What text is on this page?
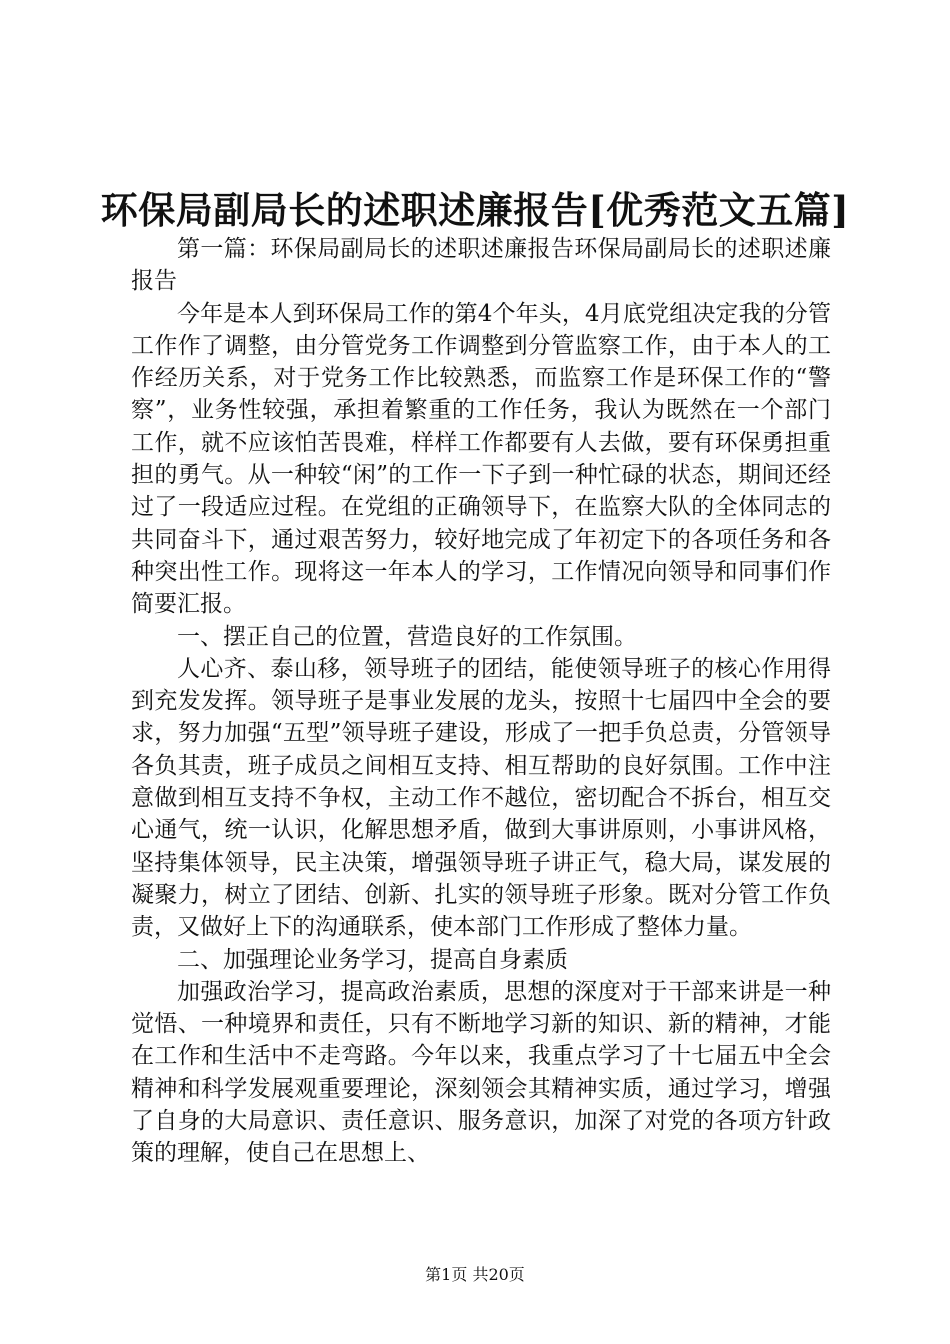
环保局副局长的述职述廉报告[优秀范文五篇]

第一篇：环保局副局长的述职述廉报告环保局副局长的述职述廉报告

今年是本人到环保局工作的第4个年头，4月底党组决定我的分管工作作了调整，由分管党务工作调整到分管监察工作，由于本人的工作经历关系，对于党务工作比较熟悉，而监察工作是环保工作的“警察”，业务性较强，承担着繁重的工作任务，我认为既然在一个部门工作，就不应该怕苦畏难，样样工作都要有人去做，要有环保勇担重担的勇气。从一种较“闲”的工作一下子到一种忙碌的状态，期间还经过了一段适应过程。在党组的正确领导下，在监察大队的全体同志的共同奋斗下，通过艰苦努力，较好地完成了年初定下的各项任务和各种突出性工作。现将这一年本人的学习，工作情况向领导和同事们作简要汇报。

一、摆正自己的位置，营造良好的工作氛围。

人心齐、泰山移，领导班子的团结，能使领导班子的核心作用得到充发发挥。领导班子是事业发展的龙头，按照十七届四中全会的要求，努力加强“五型”领导班子建设，形成了一把手负总责，分管领导各负其责，班子成员之间相互支持、相互帮助的良好氛围。工作中注意做到相互支持不争权，主动工作不越位，密切配合不拆台，相互交心通气，统一认识，化解思想矛盾，做到大事讲原则，小事讲风格，坚持集体领导，民主决策，增强领导班子讲正气，稳大局，谋发展的凝聚力，树立了团结、创新、扎实的领导班子形象。既对分管工作负责，又做好上下的沟通联系，使本部门工作形成了整体力量。

二、加强理论业务学习，提高自身素质

加强政治学习，提高政治素质，思想的深度对于干部来讲是一种觉悟、一种境界和责任，只有不断地学习新的知识、新的精神，才能在工作和生活中不走弯路。今年以来，我重点学习了十七届五中全会精神和科学发展观重要理论，深刻领会其精神实质，通过学习，增强了自身的大局意识、责任意识、服务意识，加深了对党的各项方针政策的理解，使自己在思想上、

第1页 共20页
